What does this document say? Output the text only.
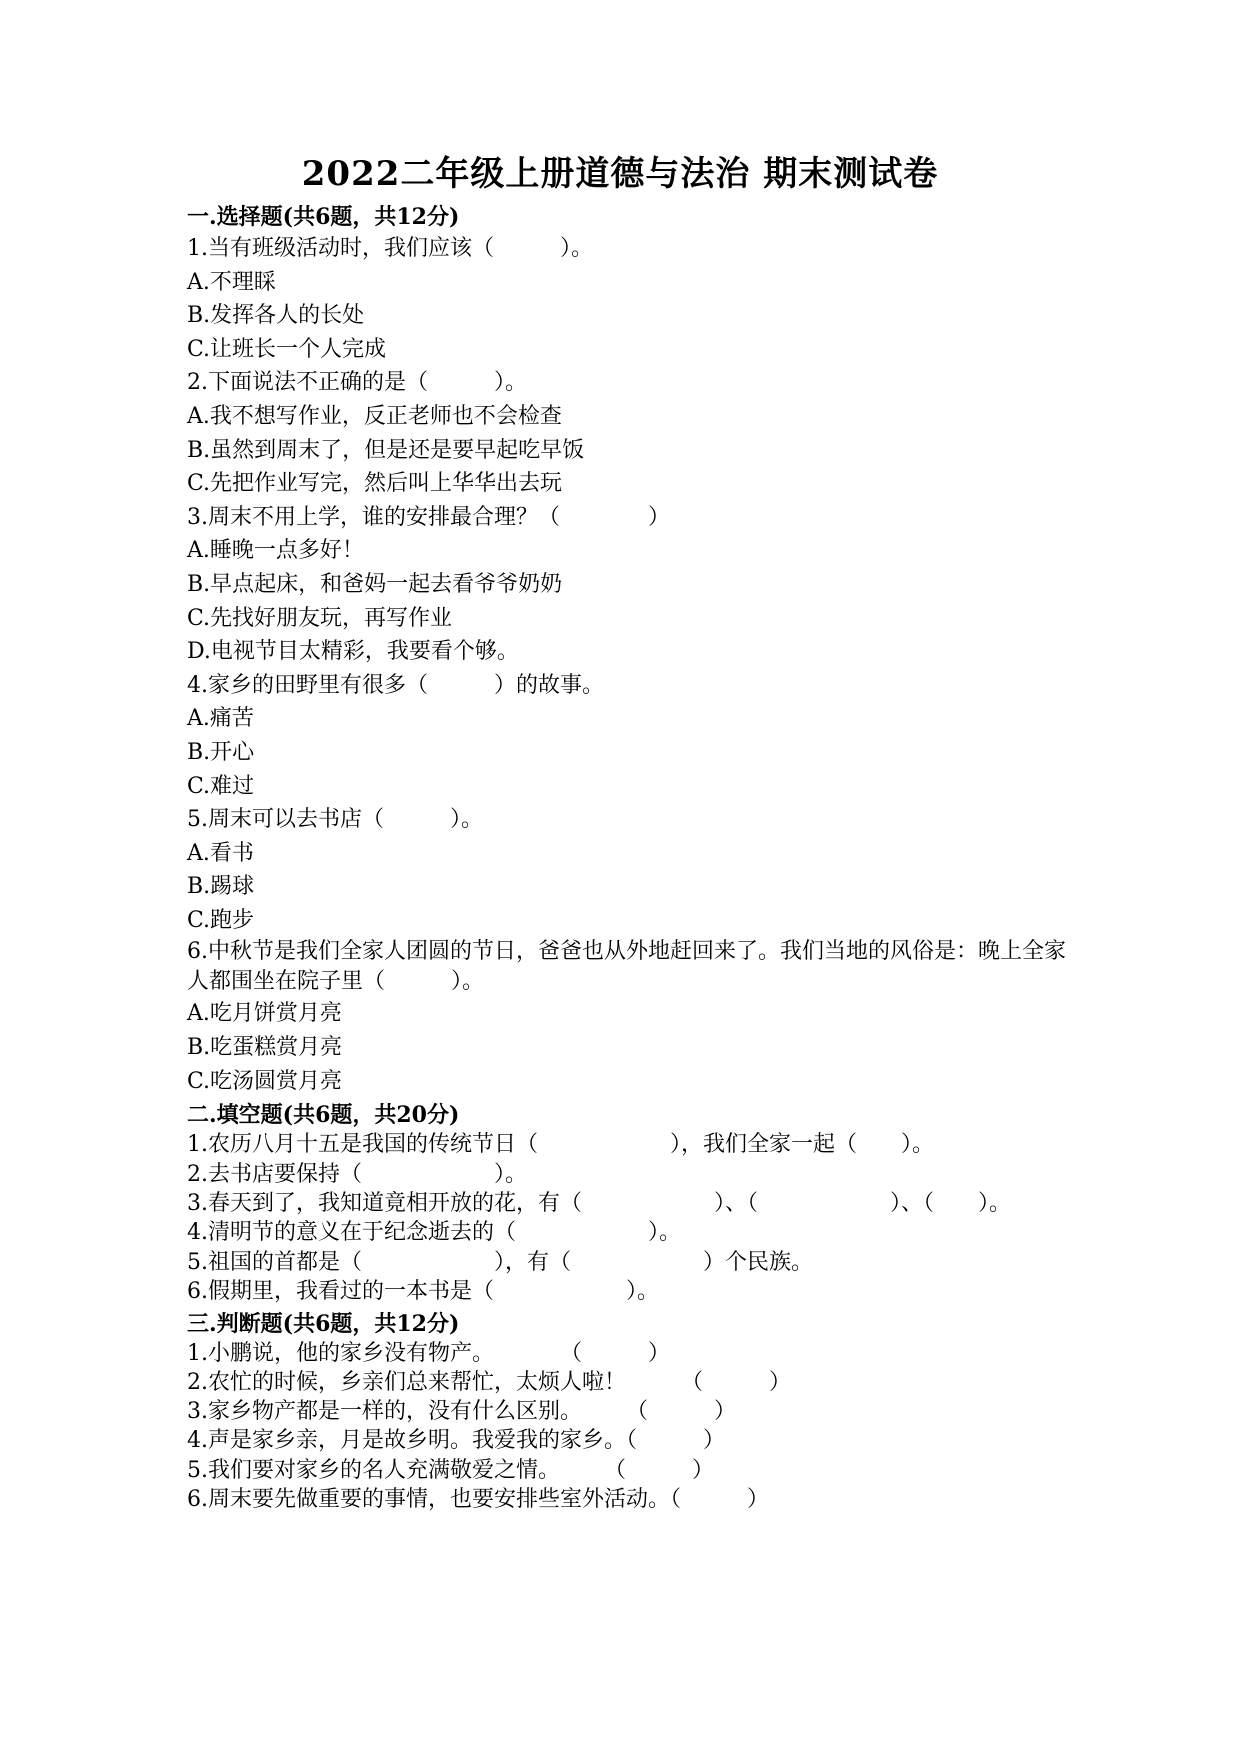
2022二年级上册道德与法治 期末测试卷
一.选择题(共6题，共12分)
1.当有班级活动时，我们应该（　　　）。
A.不理睬
B.发挥各人的长处
C.让班长一个人完成
2.下面说法不正确的是（　　　）。
A.我不想写作业，反正老师也不会检查
B.虽然到周末了，但是还是要早起吃早饭
C.先把作业写完，然后叫上华华出去玩
3.周末不用上学，谁的安排最合理？（　　　　）
A.睡晚一点多好！
B.早点起床，和爸妈一起去看爷爷奶奶
C.先找好朋友玩，再写作业
D.电视节目太精彩，我要看个够。
4.家乡的田野里有很多（　　　）的故事。
A.痛苦
B.开心
C.难过
5.周末可以去书店（　　　）。
A.看书
B.踢球
C.跑步
6.中秋节是我们全家人团圆的节日，爸爸也从外地赶回来了。我们当地的风俗是：晚上全家人都围坐在院子里（　　　）。
A.吃月饼赏月亮
B.吃蛋糕赏月亮
C.吃汤圆赏月亮
二.填空题(共6题，共20分)
1.农历八月十五是我国的传统节日（　　　　　　），我们全家一起（　　）。
2.去书店要保持（　　　　　　）。
3.春天到了，我知道竟相开放的花，有（　　　　　　）、（　　　　　　）、（　　）。
4.清明节的意义在于纪念逝去的（　　　　　　）。
5.祖国的首都是（　　　　　　），有（　　　　　　）个民族。
6.假期里，我看过的一本书是（　　　　　　）。
三.判断题(共6题，共12分)
1.小鹏说，他的家乡没有物产。　　　　（　　　）
2.农忙的时候，乡亲们总来帮忙，太烦人啦！　　　（　　　）
3.家乡物产都是一样的，没有什么区别。　　　（　　　）
4.声是家乡亲，月是故乡明。我爱我的家乡。（　　　）
5.我们要对家乡的名人充满敬爱之情。　　　（　　　）
6.周末要先做重要的事情，也要安排些室外活动。（　　　）
